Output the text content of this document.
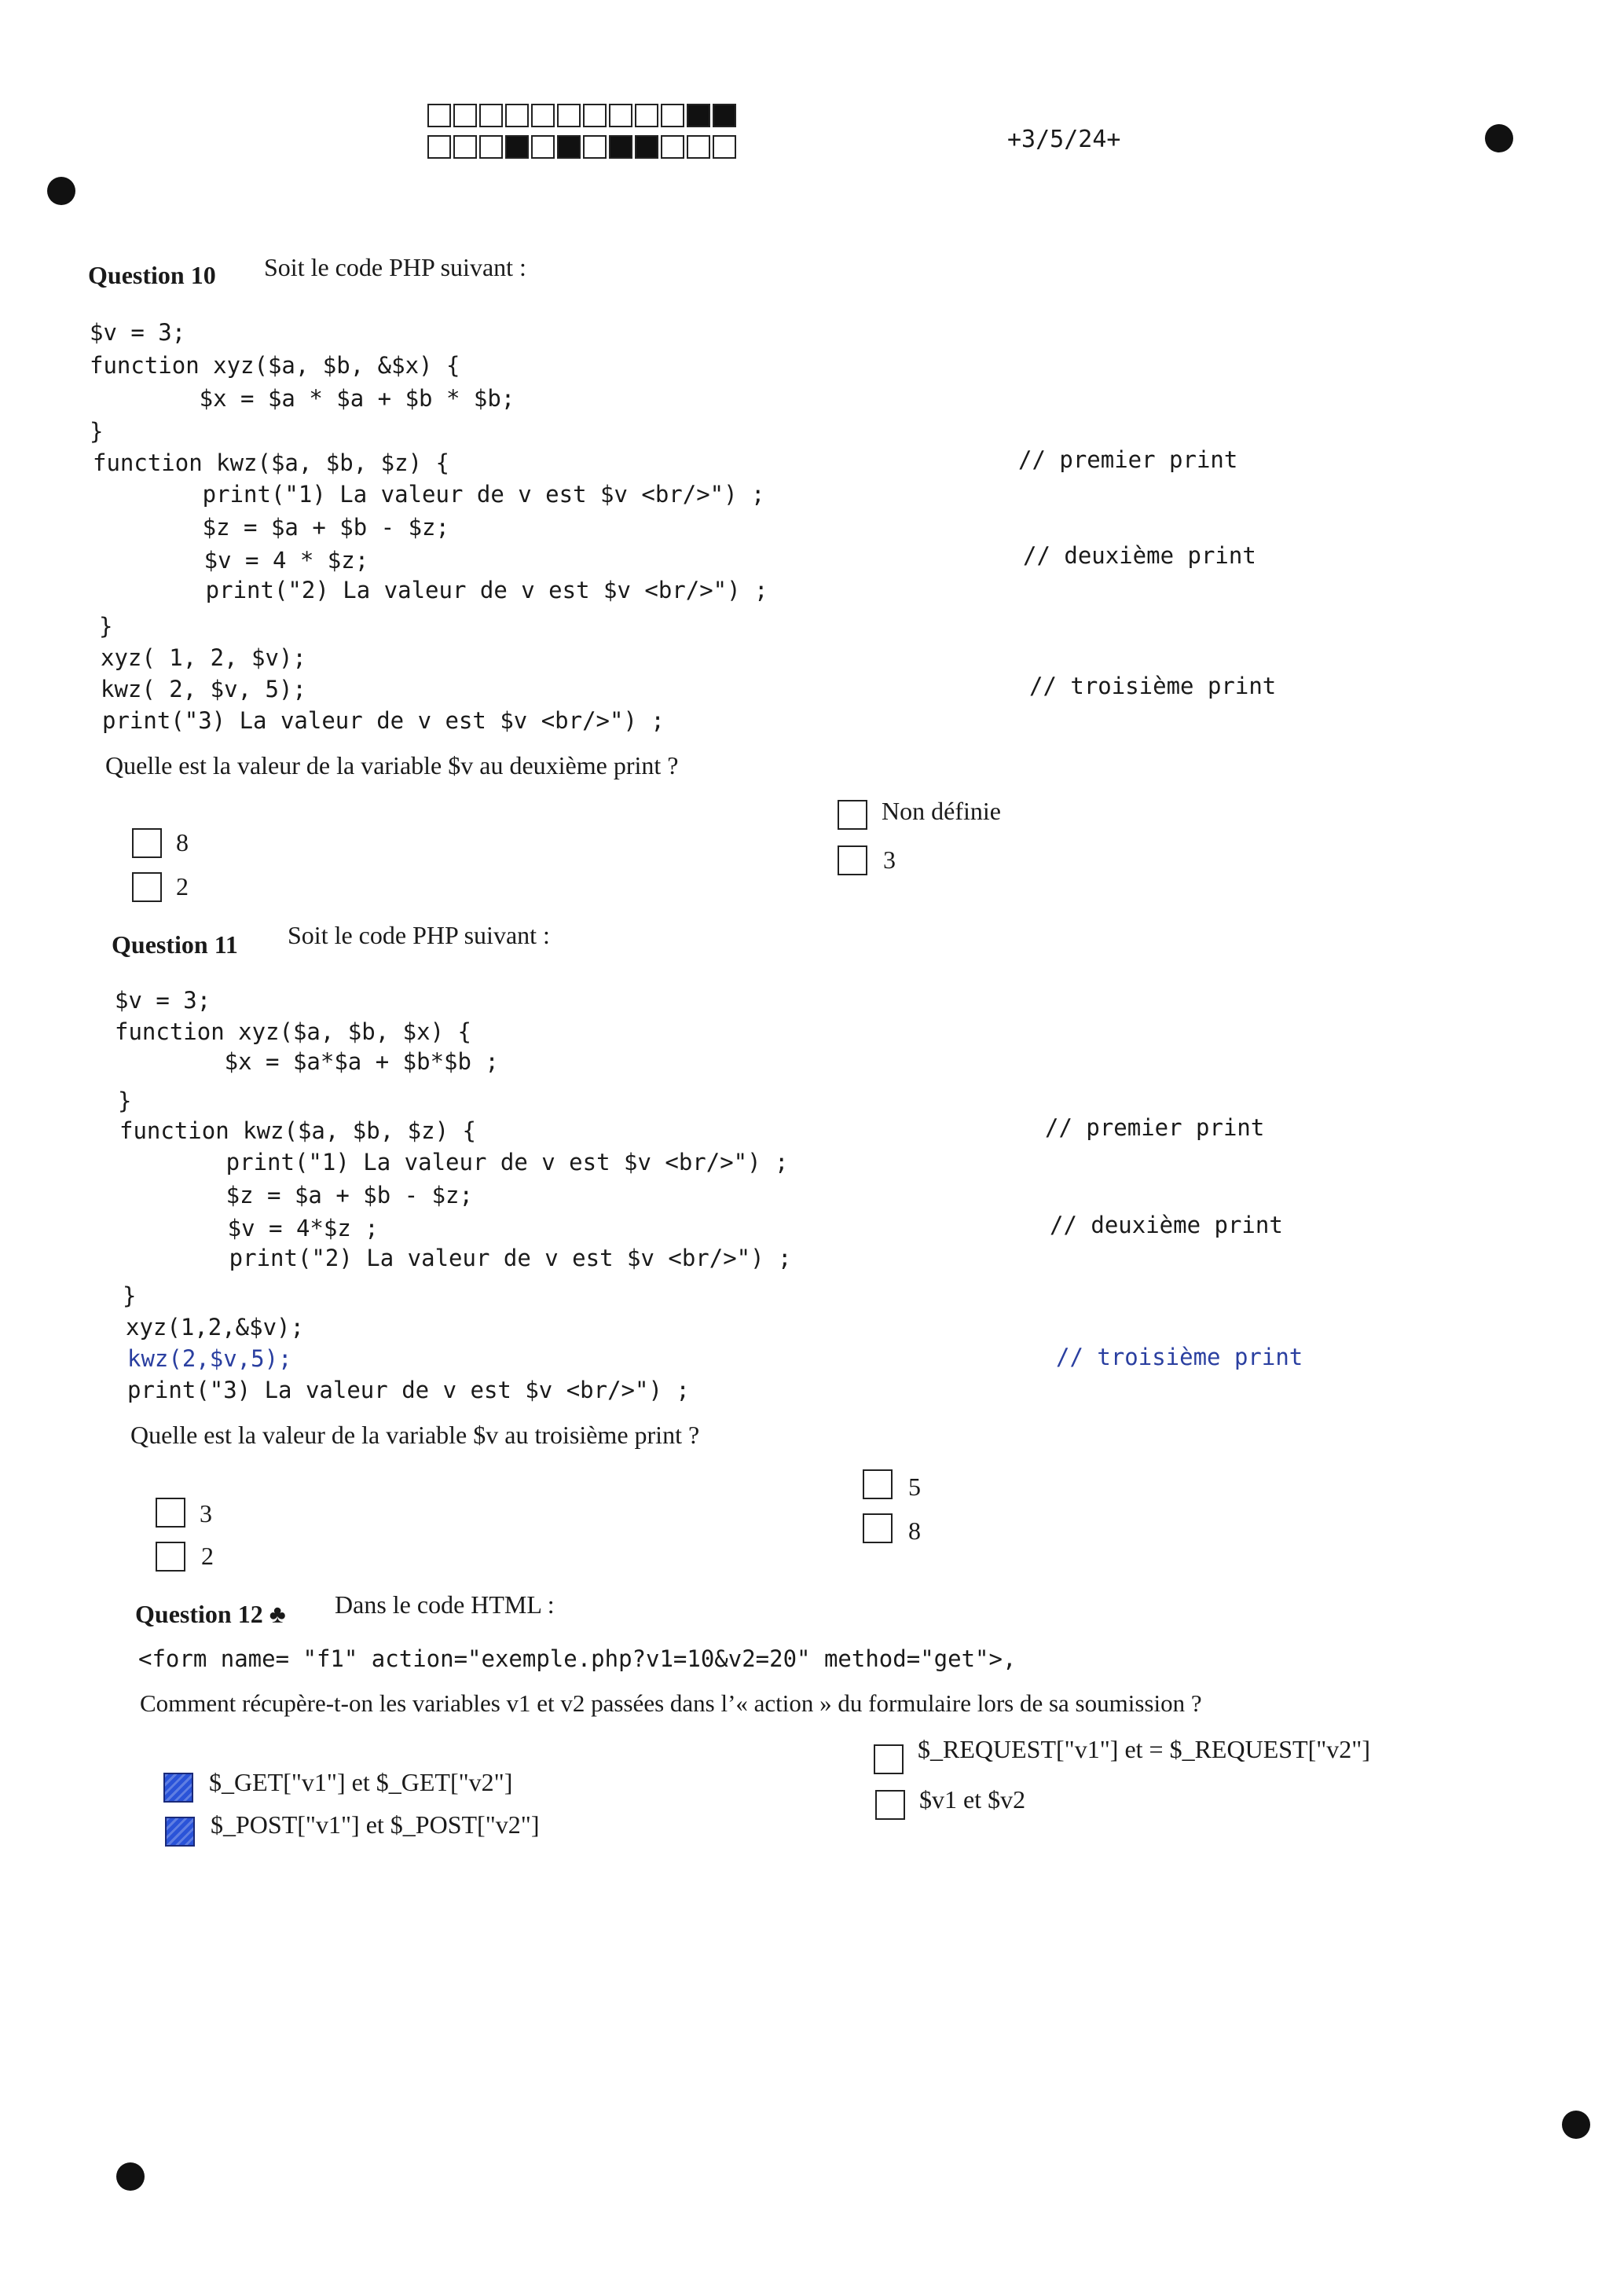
+3/5/24+
Question 10 Soit le code PHP suivant :
$v = 3;
function xyz($a, $b, &$x) {
$x = $a * $a + $b * $b;
}
function kwz($a, $b, $z) {
print("1) La valeur de v est $v <br/>") ;
$z = $a + $b - $z;
$v = 4 * $z;
print("2) La valeur de v est $v <br/>") ;
}
xyz( 1, 2, $v);
kwz( 2, $v, 5);
print("3) La valeur de v est $v <br/>") ;
// premier print
// deuxième print
// troisième print
Quelle est la valeur de la variable $v au deuxième print ?
8
2
Non définie
3
Question 11 Soit le code PHP suivant :
$v = 3;
function xyz($a, $b, $x) {
$x = $a*$a + $b*$b ;
}
function kwz($a, $b, $z) {
print("1) La valeur de v est $v <br/>") ;
$z = $a + $b - $z;
$v = 4*$z ;
print("2) La valeur de v est $v <br/>") ;
}
xyz(1,2,&$v);
kwz(2,$v,5);
print("3) La valeur de v est $v <br/>") ;
// premier print
// deuxième print
// troisième print
Quelle est la valeur de la variable $v au troisième print ?
3
2
5
8
Question 12 ♣ Dans le code HTML :
<form name= "f1" action="exemple.php?v1=10&v2=20" method="get">,
Comment récupère-t-on les variables v1 et v2 passées dans l’« action » du formulaire lors de sa soumission ?
$_GET["v1"] et $_GET["v2"]
$_POST["v1"] et $_POST["v2"]
$_REQUEST["v1"] et = $_REQUEST["v2"]
$v1 et $v2
